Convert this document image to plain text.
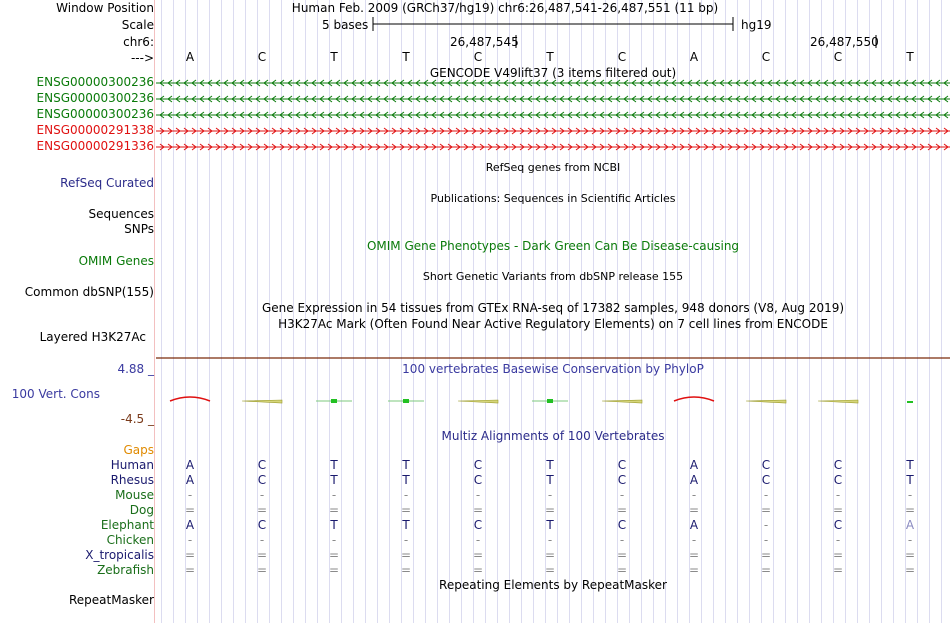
Window Position	Human Feb. 2009 (GRCh37/hg19) chr6:26,487,541-26,487,551 (11 bp)
Scale	5 bases	hg19
chr6:	26,487,545	26,487,550
--->	A	C	T	T	C	T	C	A	C	C	T
GENCODE V49lift37 (3 items filtered out)
ENSG00000300236
ENSG00000300236
ENSG00000300236
ENSG00000291338
ENSG00000291336
RefSeq genes from NCBI
RefSeq Curated
Publications: Sequences in Scientific Articles
Sequences
SNPs
OMIM Gene Phenotypes - Dark Green Can Be Disease-causing
OMIM Genes
Short Genetic Variants from dbSNP release 155
Common dbSNP(155)
Gene Expression in 54 tissues from GTEx RNA-seq of 17382 samples, 948 donors (V8, Aug 2019)
H3K27Ac Mark (Often Found Near Active Regulatory Elements) on 7 cell lines from ENCODE
Layered H3K27Ac
4.88 _	100 vertebrates Basewise Conservation by PhyloP
100 Vert. Cons
-4.5 _
Multiz Alignments of 100 Vertebrates
Gaps
Human	A	C	T	T	C	T	C	A	C	C	T
Rhesus	A	C	T	T	C	T	C	A	C	C	T
Mouse	-	-	-	-	-	-	-	-	-	-	-
Dog	=	=	=	=	=	=	=	=	=	=	=
Elephant	A	C	T	T	C	T	C	A	-	C	A
Chicken	-	-	-	-	-	-	-	-	-	-	-
X_tropicalis	=	=	=	=	=	=	=	=	=	=	=
Zebrafish	=	=	=	=	=	=	=	=	=	=	=
Repeating Elements by RepeatMasker
RepeatMasker
